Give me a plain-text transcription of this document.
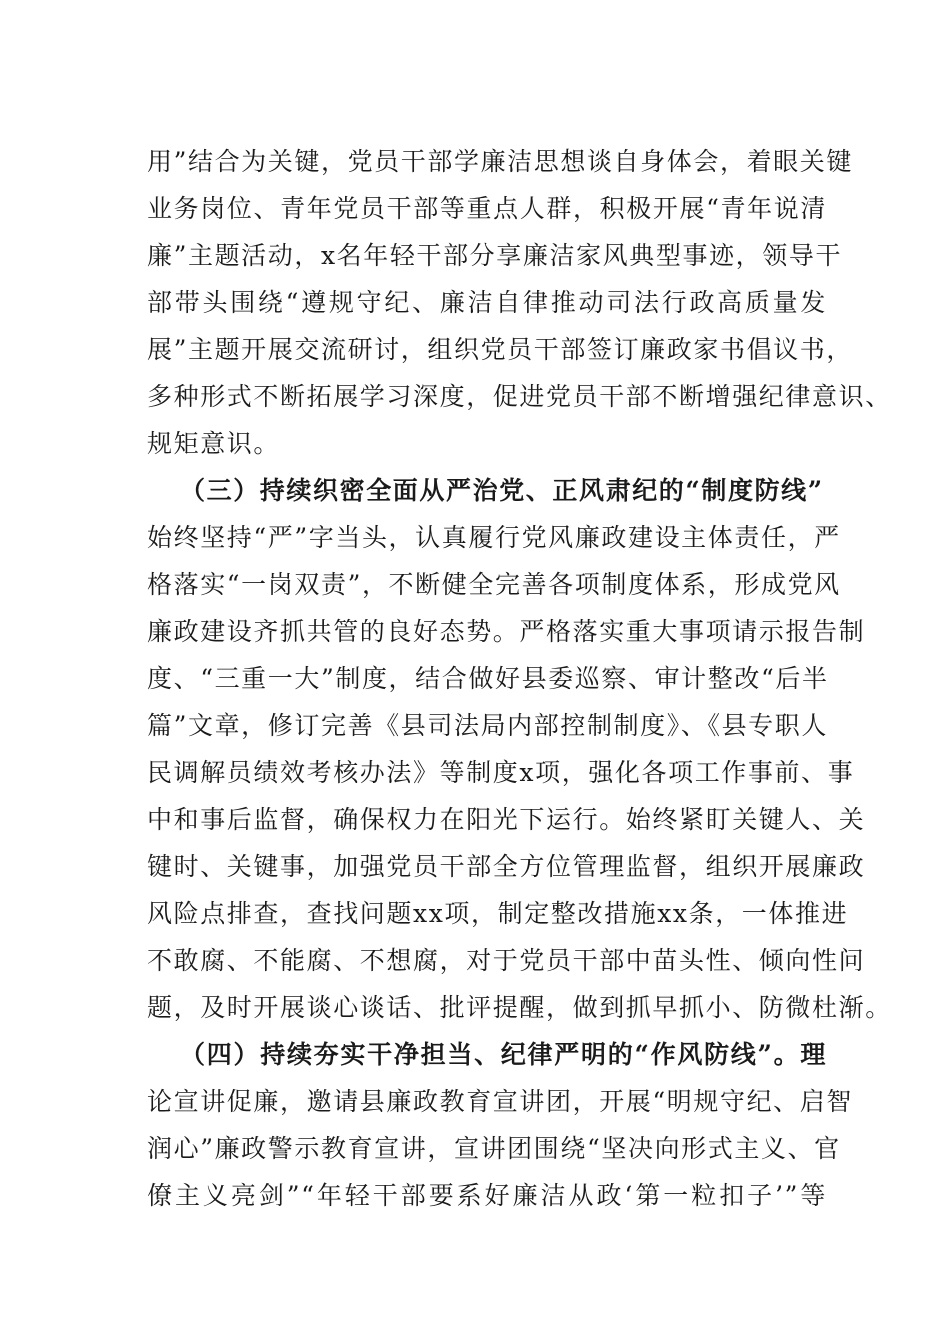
用”结合为关键，党员干部学廉洁思想谈自身体会，着眼关键
业务岗位、青年党员干部等重点人群，积极开展“青年说清
廉”主题活动，x名年轻干部分享廉洁家风典型事迹，领导干
部带头围绕“遵规守纪、廉洁自律推动司法行政高质量发
展”主题开展交流研讨，组织党员干部签订廉政家书倡议书，
多种形式不断拓展学习深度，促进党员干部不断增强纪律意识、
规矩意识。
（三）持续织密全面从严治党、正风肃纪的“制度防线”
始终坚持“严”字当头，认真履行党风廉政建设主体责任，严
格落实“一岗双责”，不断健全完善各项制度体系，形成党风
廉政建设齐抓共管的良好态势。严格落实重大事项请示报告制
度、“三重一大”制度，结合做好县委巡察、审计整改“后半
篇”文章，修订完善《县司法局内部控制制度》、《县专职人
民调解员绩效考核办法》等制度x项，强化各项工作事前、事
中和事后监督，确保权力在阳光下运行。始终紧盯关键人、关
键时、关键事，加强党员干部全方位管理监督，组织开展廉政
风险点排查，查找问题xx项，制定整改措施xx条，一体推进
不敢腐、不能腐、不想腐，对于党员干部中苗头性、倾向性问
题，及时开展谈心谈话、批评提醒，做到抓早抓小、防微杜渐。
（四）持续夯实干净担当、纪律严明的“作风防线”。理
论宣讲促廉，邀请县廉政教育宣讲团，开展“明规守纪、启智
润心”廉政警示教育宣讲，宣讲团围绕“坚决向形式主义、官
僚主义亮剑”“年轻干部要系好廉洁从政‘第一粒扣子’”等
